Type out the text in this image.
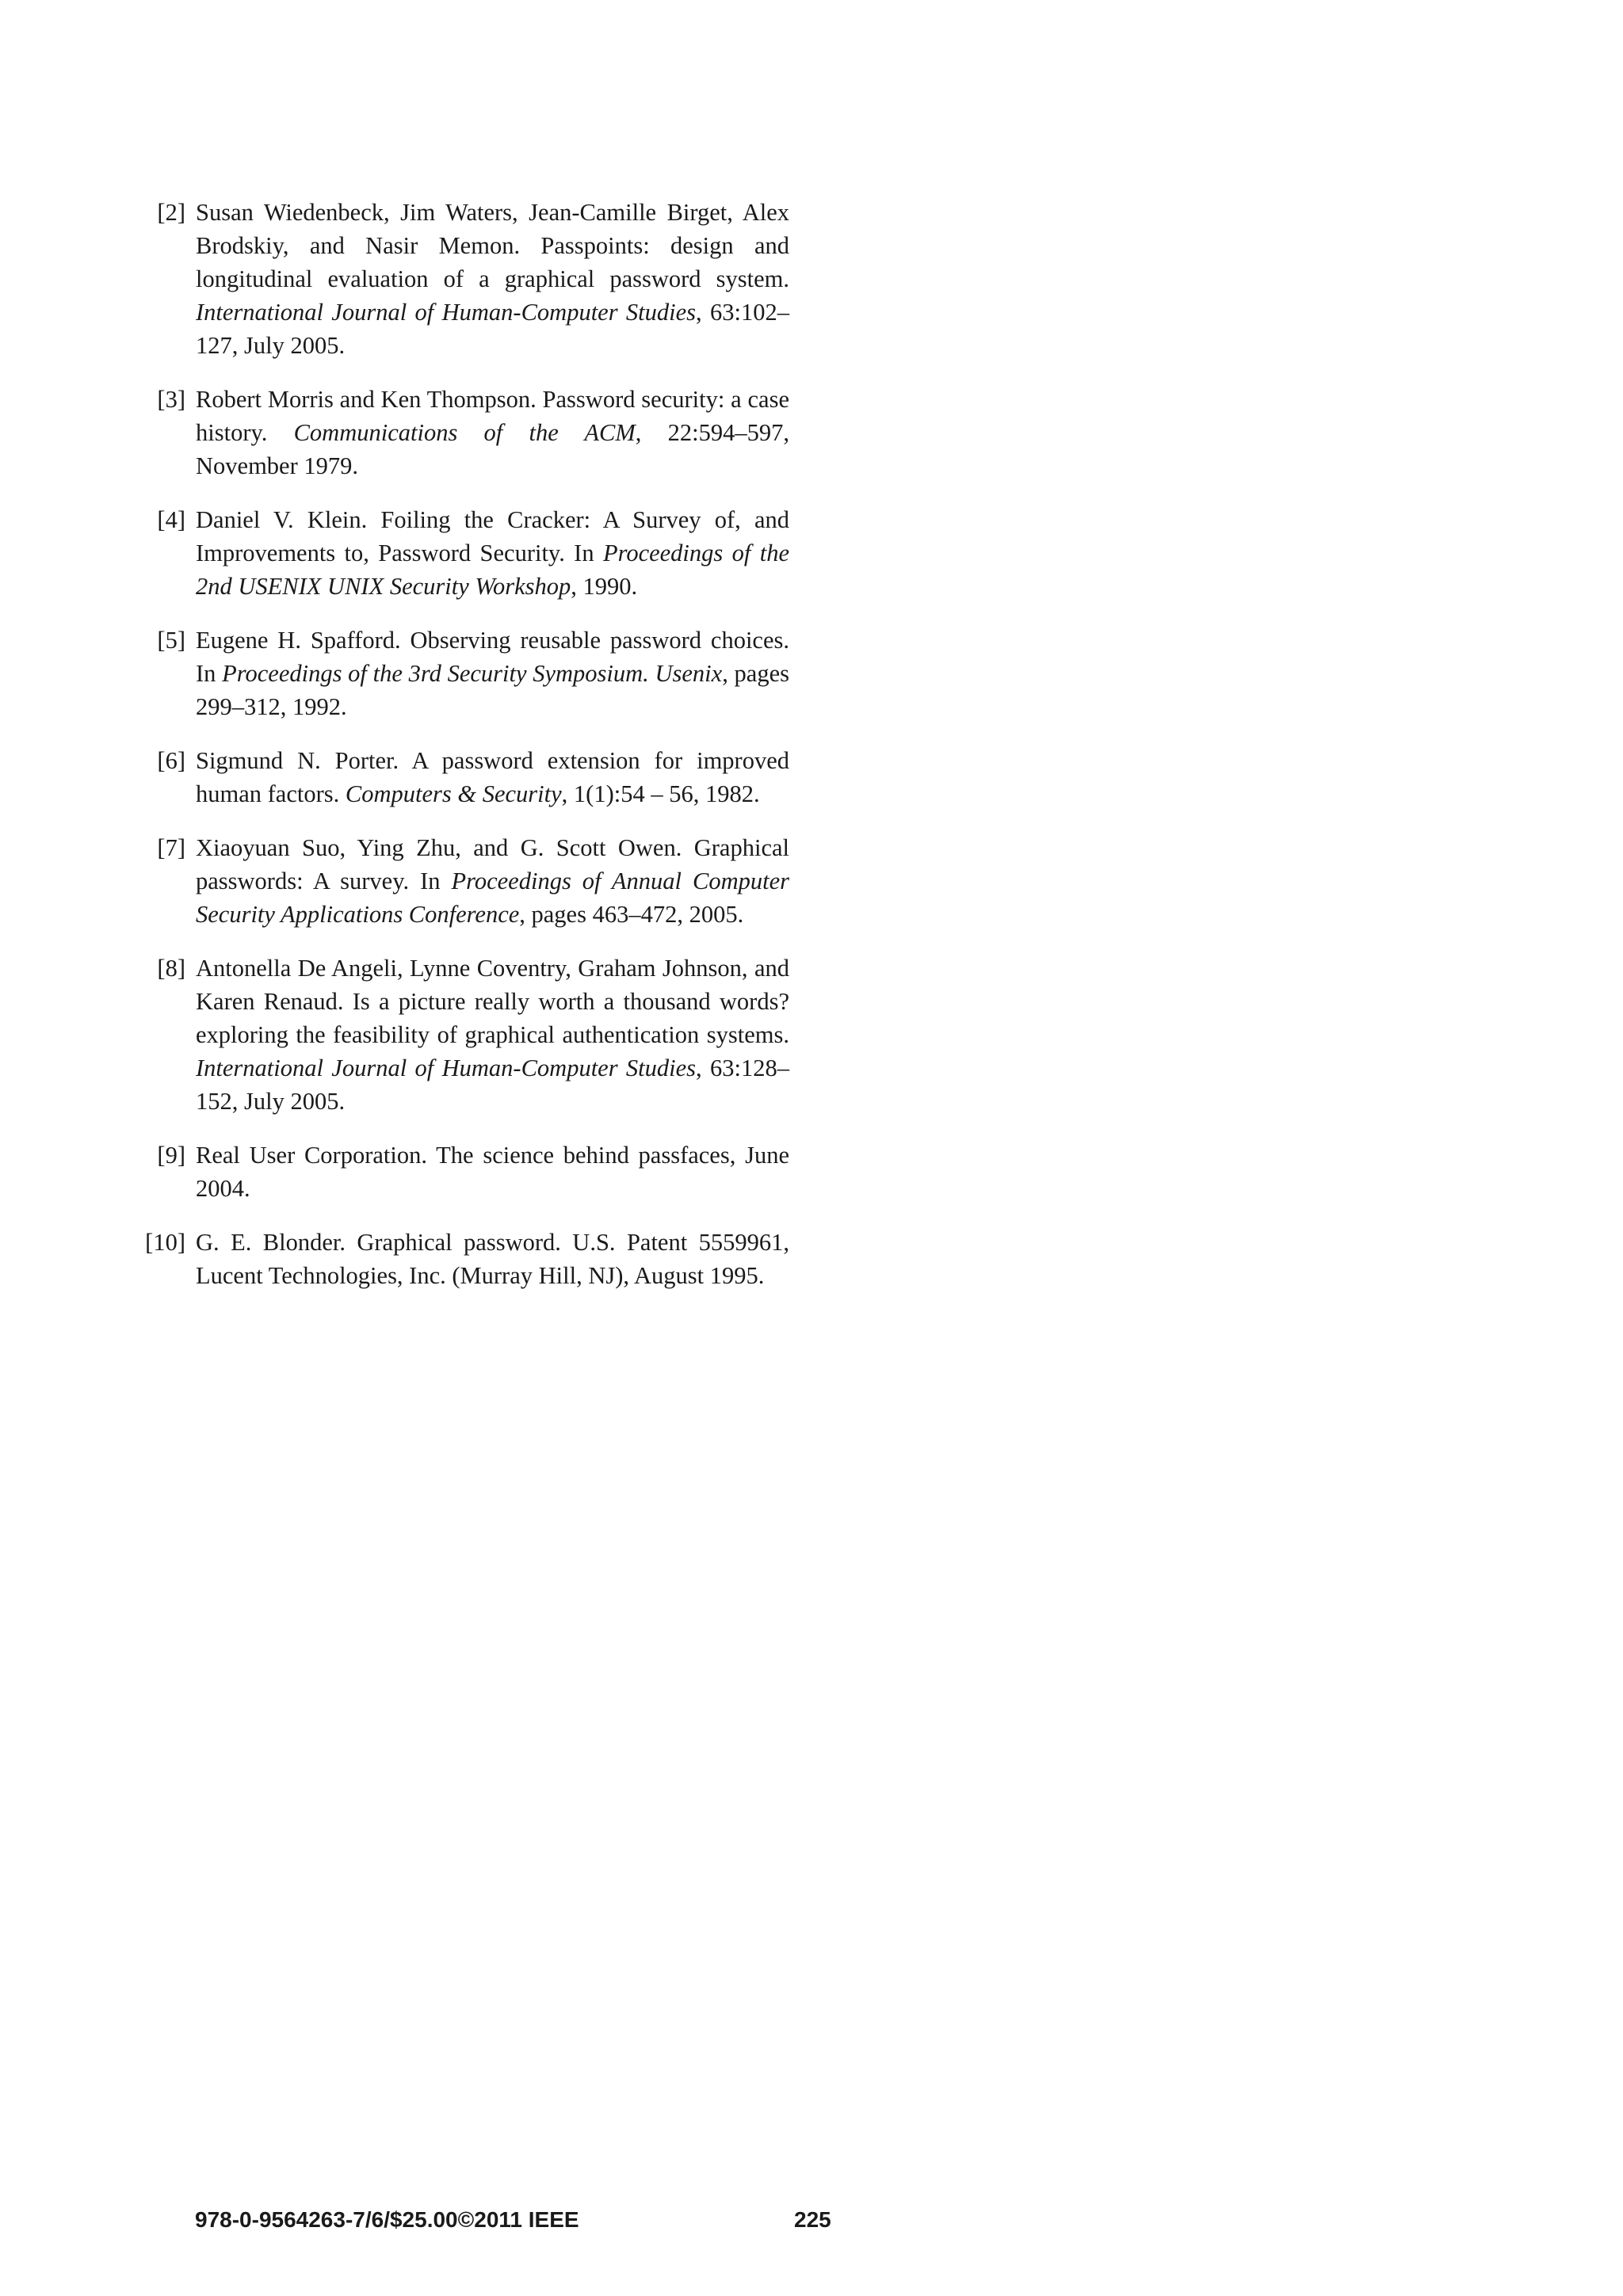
[2] Susan Wiedenbeck, Jim Waters, Jean-Camille Birget, Alex Brodskiy, and Nasir Memon. Passpoints: design and longitudinal evaluation of a graphical password system. International Journal of Human-Computer Studies, 63:102–127, July 2005.
[3] Robert Morris and Ken Thompson. Password security: a case history. Communications of the ACM, 22:594–597, November 1979.
[4] Daniel V. Klein. Foiling the Cracker: A Survey of, and Improvements to, Password Security. In Proceedings of the 2nd USENIX UNIX Security Workshop, 1990.
[5] Eugene H. Spafford. Observing reusable password choices. In Proceedings of the 3rd Security Symposium. Usenix, pages 299–312, 1992.
[6] Sigmund N. Porter. A password extension for improved human factors. Computers & Security, 1(1):54 – 56, 1982.
[7] Xiaoyuan Suo, Ying Zhu, and G. Scott Owen. Graphical passwords: A survey. In Proceedings of Annual Computer Security Applications Conference, pages 463–472, 2005.
[8] Antonella De Angeli, Lynne Coventry, Graham Johnson, and Karen Renaud. Is a picture really worth a thousand words? exploring the feasibility of graphical authentication systems. International Journal of Human-Computer Studies, 63:128–152, July 2005.
[9] Real User Corporation. The science behind passfaces, June 2004.
[10] G. E. Blonder. Graphical password. U.S. Patent 5559961, Lucent Technologies, Inc. (Murray Hill, NJ), August 1995.
978-0-9564263-7/6/$25.00©2011 IEEE	225
